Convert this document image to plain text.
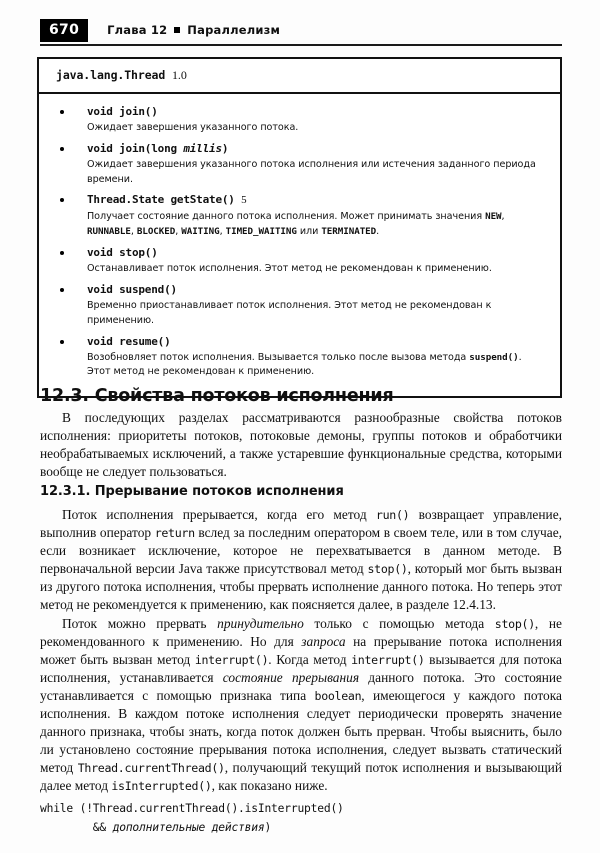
670	Глава 12 Параллелизм
java.lang.Thread 1.0
void join()
Ожидает завершения указанного потока.
void join(long millis)
Ожидает завершения указанного потока исполнения или истечения заданного периода времени.
Thread.State getState() 5
Получает состояние данного потока исполнения. Может принимать значения NEW, RUNNABLE, BLOCKED, WAITING, TIMED_WAITING или TERMINATED.
void stop()
Останавливает поток исполнения. Этот метод не рекомендован к применению.
void suspend()
Временно приостанавливает поток исполнения. Этот метод не рекомендован к применению.
void resume()
Возобновляет поток исполнения. Вызывается только после вызова метода suspend(). Этот метод не рекомендован к применению.
12.3. Свойства потоков исполнения

В последующих разделах рассматриваются разнообразные свойства потоков исполнения: приоритеты потоков, потоковые демоны, группы потоков и обработчики необрабатываемых исключений, а также устаревшие функциональные средства, которыми вообще не следует пользоваться.

12.3.1. Прерывание потоков исполнения

Поток исполнения прерывается, когда его метод run() возвращает управление, выполнив оператор return вслед за последним оператором в своем теле, или в том случае, если возникает исключение, которое не перехватывается в данном методе. В первоначальной версии Java также присутствовал метод stop(), который мог быть вызван из другого потока исполнения, чтобы прервать исполнение данного потока. Но теперь этот метод не рекомендуется к применению, как поясняется далее, в разделе 12.4.13.

Поток можно прервать принудительно только с помощью метода stop(), не рекомендованного к применению. Но для запроса на прерывание потока исполнения может быть вызван метод interrupt(). Когда метод interrupt() вызывается для потока исполнения, устанавливается состояние прерывания данного потока. Это состояние устанавливается с помощью признака типа boolean, имеющегося у каждого потока исполнения. В каждом потоке исполнения следует периодически проверять значение данного признака, чтобы знать, когда поток должен быть прерван. Чтобы выяснить, было ли установлено состояние прерывания потока исполнения, следует вызвать статический метод Thread.currentThread(), получающий текущий поток исполнения и вызывающий далее метод isInterrupted(), как показано ниже.

while (!Thread.currentThread().isInterrupted()
&& дополнительные действия)
